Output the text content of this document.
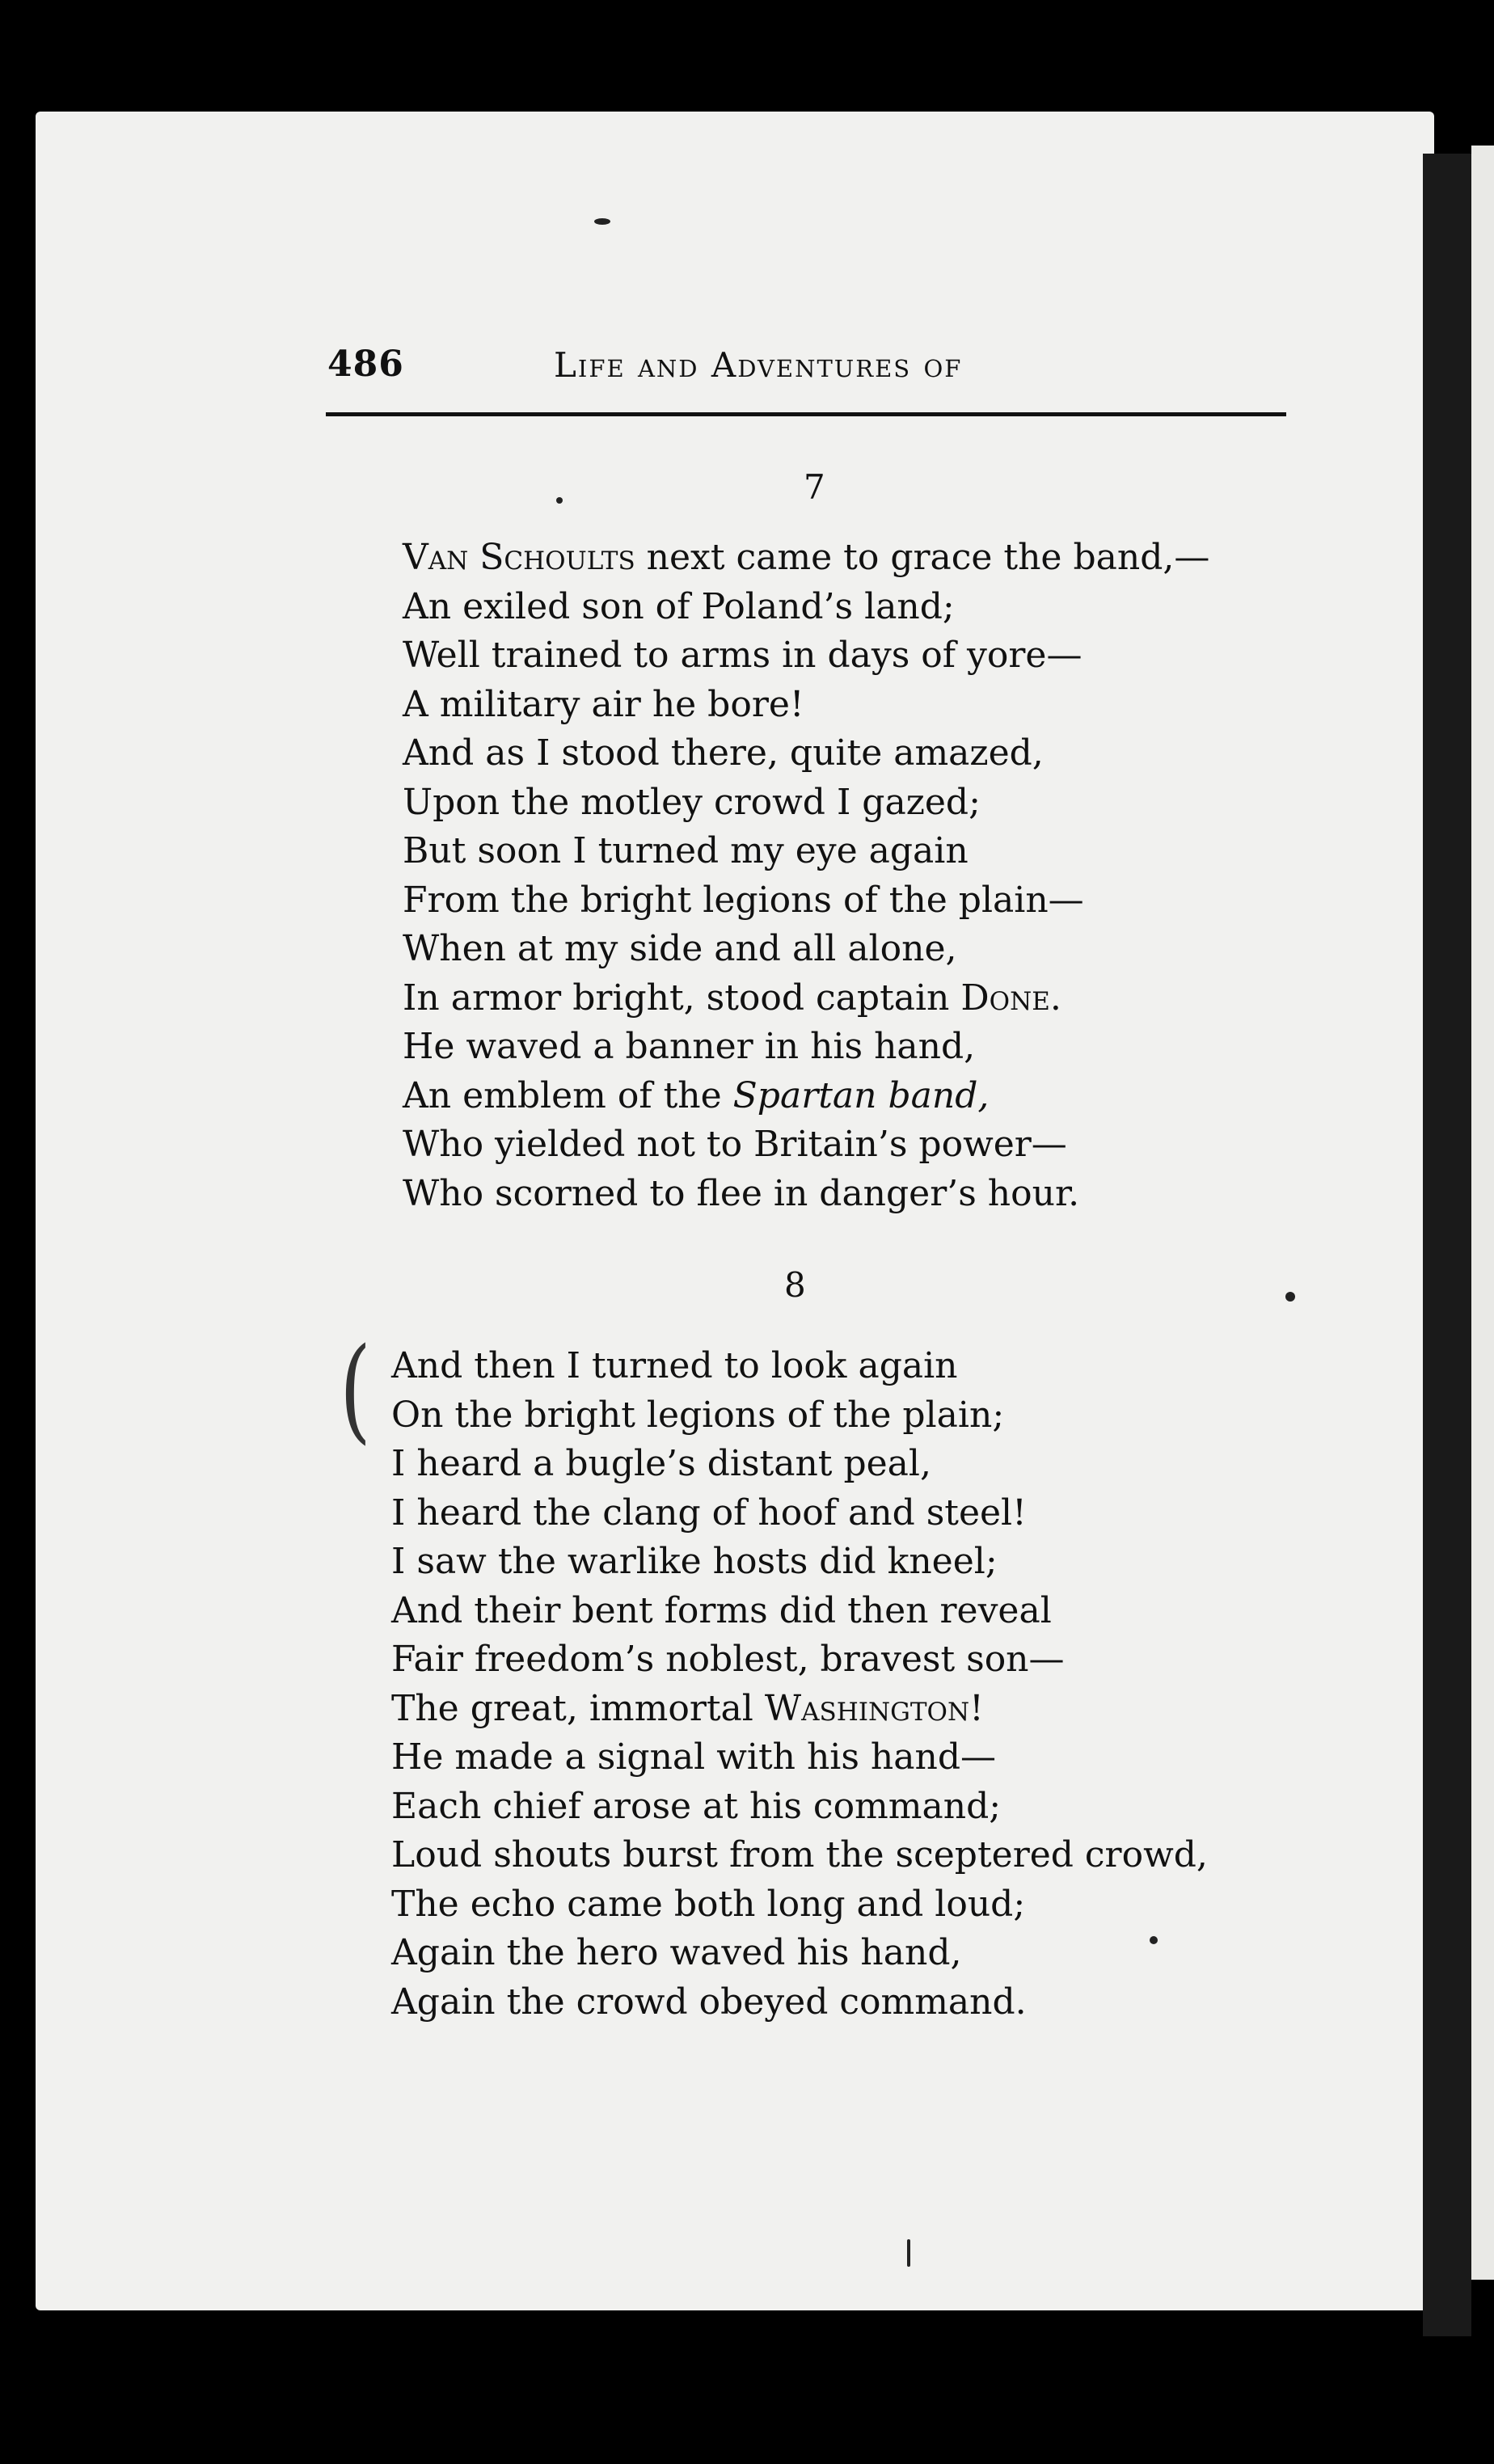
486	Life and Adventures of
7
Van Schoults next came to grace the band,—
An exiled son of Poland’s land;
Well trained to arms in days of yore—
A military air he bore!
And as I stood there, quite amazed,
Upon the motley crowd I gazed;
But soon I turned my eye again
From the bright legions of the plain—
When at my side and all alone,
In armor bright, stood captain Done.
He waved a banner in his hand,
An emblem of the Spartan band,
Who yielded not to Britain’s power—
Who scorned to flee in danger’s hour.
8
And then I turned to look again
On the bright legions of the plain;
I heard a bugle’s distant peal,
I heard the clang of hoof and steel!
I saw the warlike hosts did kneel;
And their bent forms did then reveal
Fair freedom’s noblest, bravest son—
The great, immortal Washington!
He made a signal with his hand—
Each chief arose at his command;
Loud shouts burst from the sceptered crowd,
The echo came both long and loud;
Again the hero waved his hand,
Again the crowd obeyed command.
(
